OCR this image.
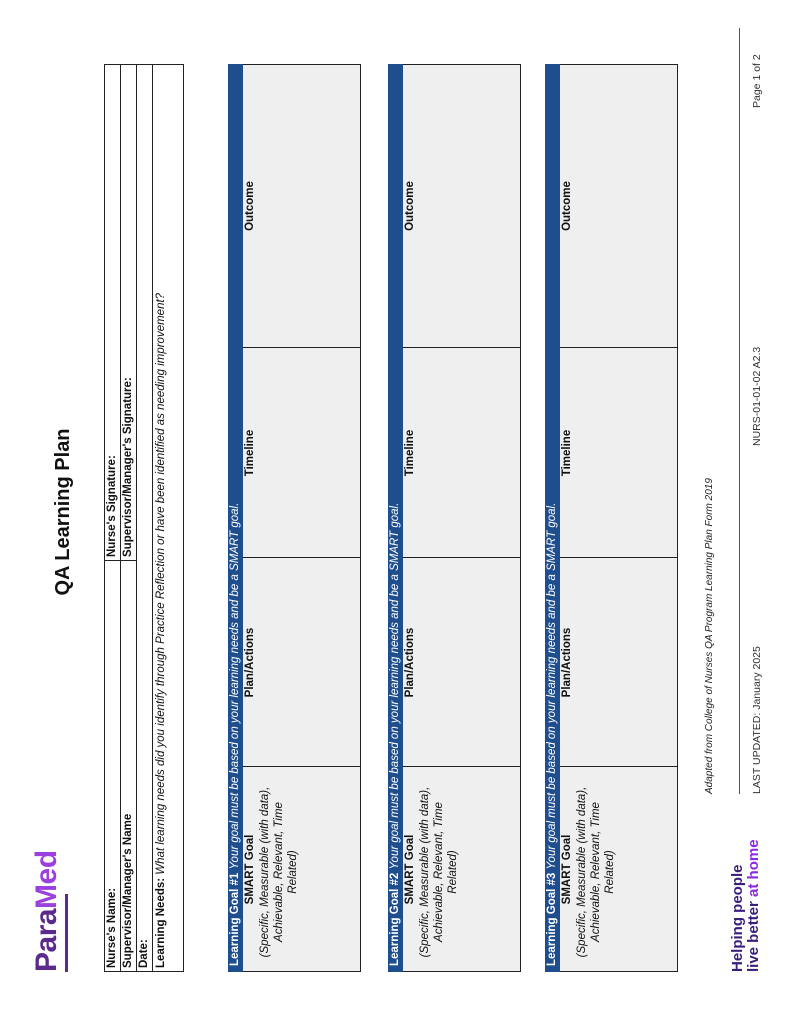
ParaMed
QA Learning Plan
Nurse's Name: Supervisor/Manager's Name Date:
Nurse's Signature: Supervisor/Manager's Signature:
Learning Needs: What learning needs did you identify through Practice Reflection or have been identified as needing improvement?
Learning Goal #1 Your goal must be based on your learning needs and be a SMART goal.
SMART Goal (Specific, Measurable (with data), Achievable, Relevant, Time Related)
Plan/Actions
Timeline
Outcome
Learning Goal #2 Your goal must be based on your learning needs and be a SMART goal.
SMART Goal (Specific, Measurable (with data), Achievable, Relevant, Time Related)
Plan/Actions
Timeline
Outcome
Learning Goal #3 Your goal must be based on your learning needs and be a SMART goal.
SMART Goal (Specific, Measurable (with data), Achievable, Relevant, Time Related)
Plan/Actions
Timeline
Outcome
Adapted from College of Nurses QA Program Learning Plan Form 2019
Helping people live better at home
LAST UPDATED: January 2025
NURS-01-01-02 A2.3
Page 1 of 2
